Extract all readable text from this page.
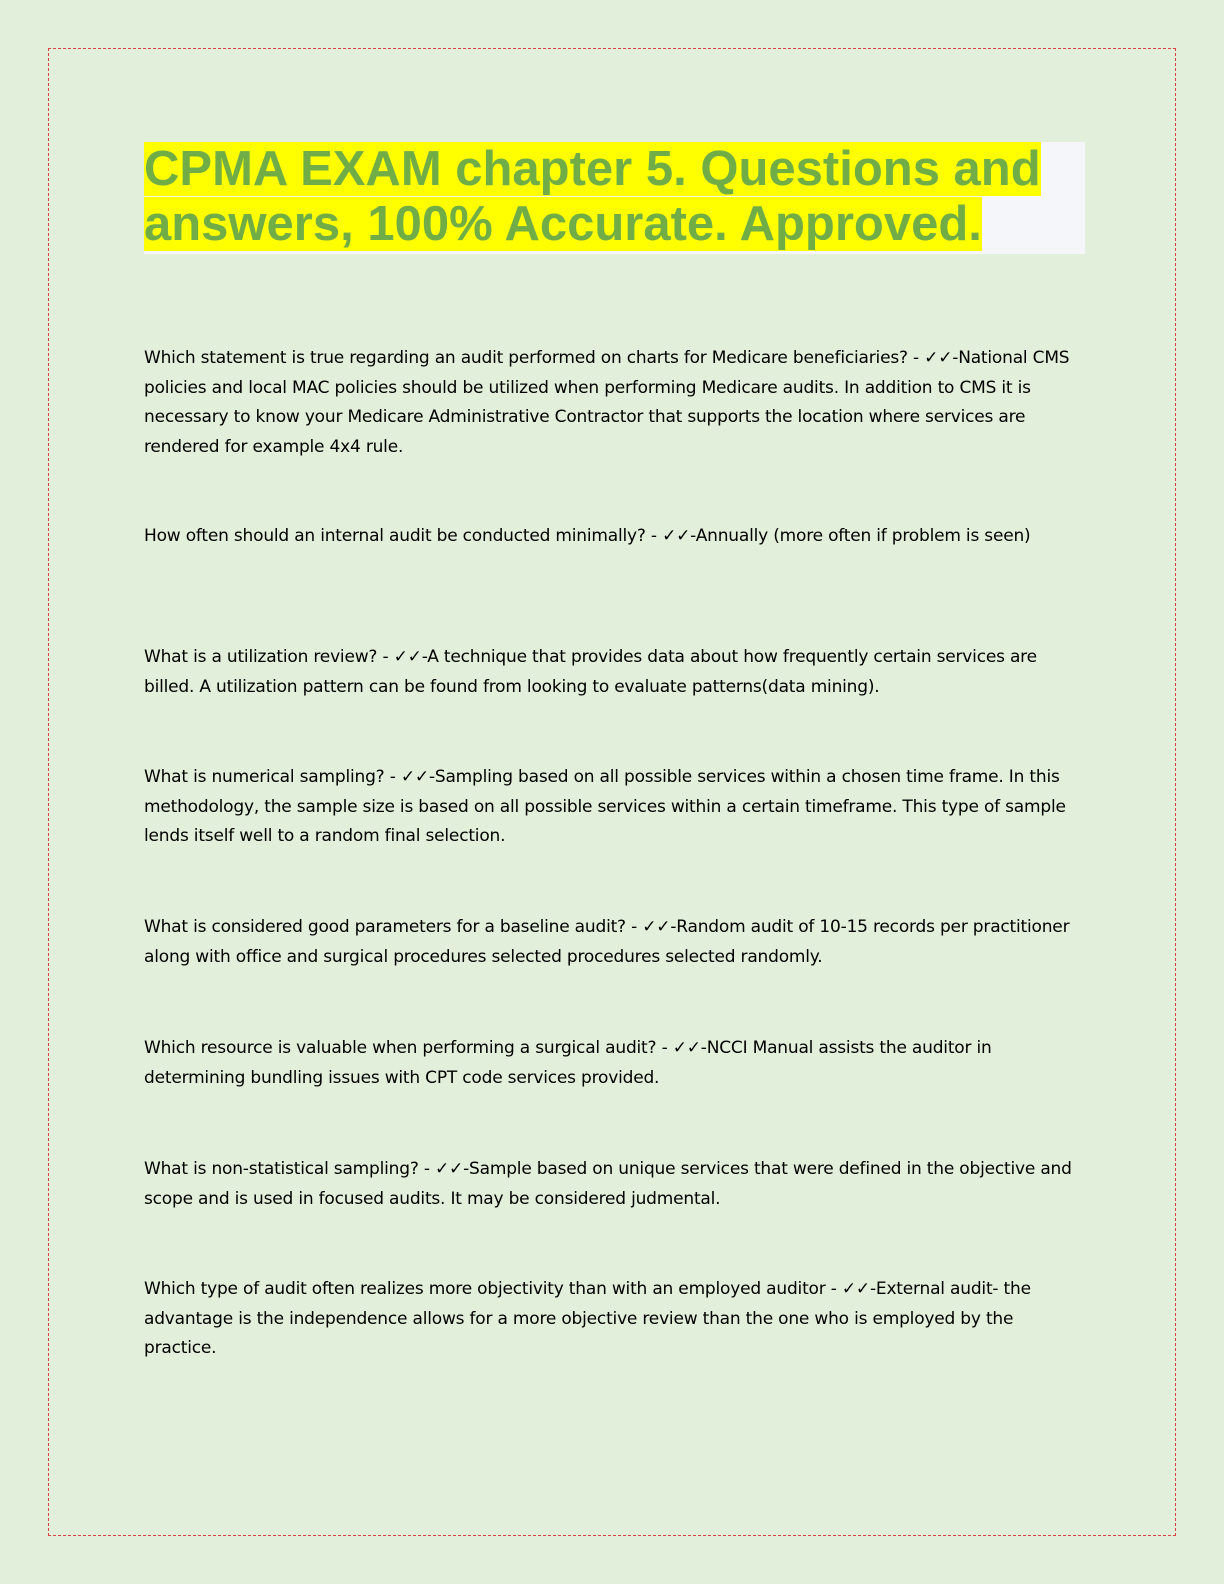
CPMA EXAM chapter 5. Questions and
answers, 100% Accurate. Approved.

Which statement is true regarding an audit performed on charts for Medicare beneficiaries? - ✓✓-National CMS policies and local MAC policies should be utilized when performing Medicare audits. In addition to CMS it is necessary to know your Medicare Administrative Contractor that supports the location where services are rendered for example 4x4 rule.

How often should an internal audit be conducted minimally? - ✓✓-Annually (more often if problem is seen)

What is a utilization review? - ✓✓-A technique that provides data about how frequently certain services are billed. A utilization pattern can be found from looking to evaluate patterns(data mining).

What is numerical sampling? - ✓✓-Sampling based on all possible services within a chosen time frame. In this methodology, the sample size is based on all possible services within a certain timeframe. This type of sample lends itself well to a random final selection.

What is considered good parameters for a baseline audit? - ✓✓-Random audit of 10-15 records per practitioner along with office and surgical procedures selected procedures selected randomly.

Which resource is valuable when performing a surgical audit? - ✓✓-NCCI Manual assists the auditor in determining bundling issues with CPT code services provided.

What is non-statistical sampling? - ✓✓-Sample based on unique services that were defined in the objective and scope and is used in focused audits. It may be considered judmental.

Which type of audit often realizes more objectivity than with an employed auditor - ✓✓-External audit- the advantage is the independence allows for a more objective review than the one who is employed by the practice.
